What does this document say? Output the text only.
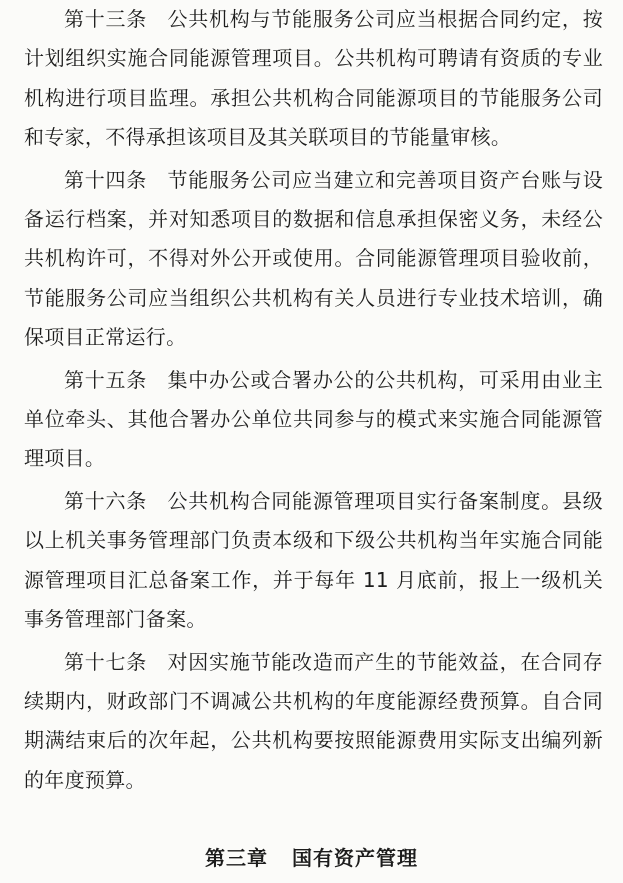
第十三条 公共机构与节能服务公司应当根据合同约定，按计划组织实施合同能源管理项目。公共机构可聘请有资质的专业机构进行项目监理。承担公共机构合同能源项目的节能服务公司和专家，不得承担该项目及其关联项目的节能量审核。

第十四条 节能服务公司应当建立和完善项目资产台账与设备运行档案，并对知悉项目的数据和信息承担保密义务，未经公共机构许可，不得对外公开或使用。合同能源管理项目验收前，节能服务公司应当组织公共机构有关人员进行专业技术培训，确保项目正常运行。

第十五条 集中办公或合署办公的公共机构，可采用由业主单位牵头、其他合署办公单位共同参与的模式来实施合同能源管理项目。

第十六条 公共机构合同能源管理项目实行备案制度。县级以上机关事务管理部门负责本级和下级公共机构当年实施合同能源管理项目汇总备案工作，并于每年 11 月底前，报上一级机关事务管理部门备案。

第十七条 对因实施节能改造而产生的节能效益，在合同存续期内，财政部门不调减公共机构的年度能源经费预算。自合同期满结束后的次年起，公共机构要按照能源费用实际支出编列新的年度预算。

第三章 国有资产管理
